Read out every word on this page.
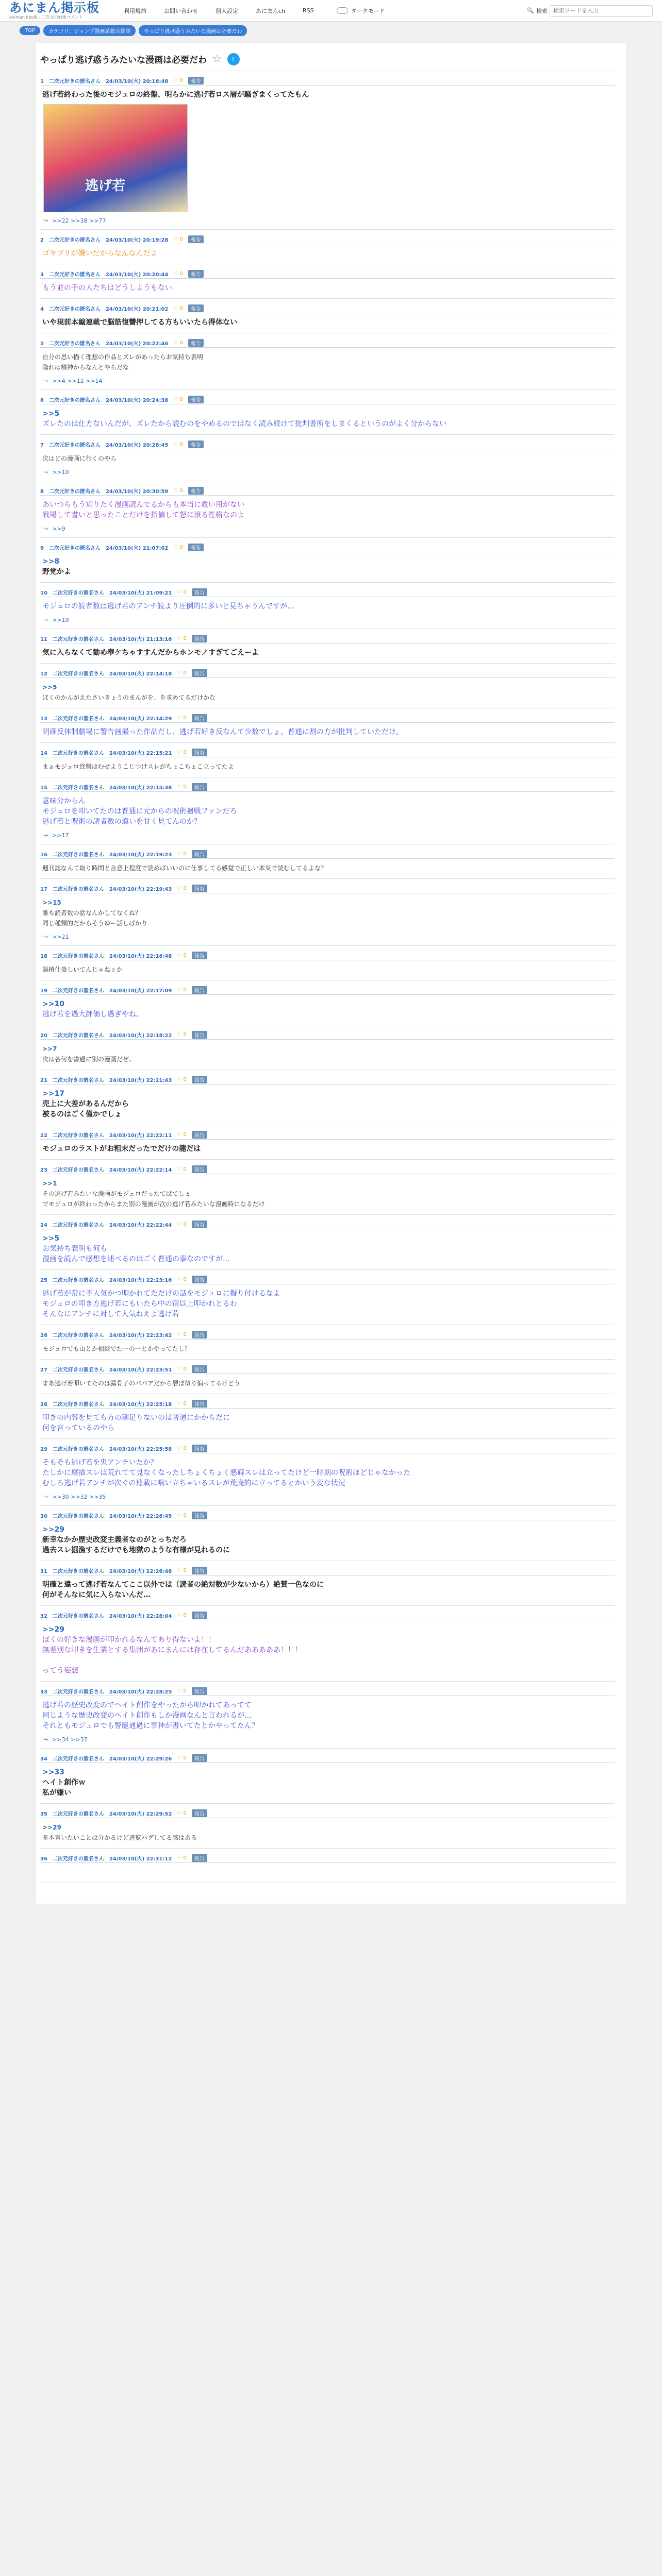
あにまん掲示板
animan bbs板 - 二次元の画像コメント
利用規約	お問い合わせ	個人設定	あにまんch	RSS	ダークモード	🔍 検索
検索ワードを入力
TOP	カテゴリ：ジャンプ漫画系総合雑談	やっぱり逃げ惑うみたいな漫画は必要だわ
やっぱり逃げ惑うみたいな漫画は必要だわ ☆	t
1　二次元好きの匿名さん　24/03/10(火) 20:16:48 ♡ 0	報告
逃げ若終わった後のモジュロの終盤、明らかに逃げ若ロス層が騒ぎまくってたもん
逃げ若
↪ >>22 >>38 >>77
2　二次元好きの匿名さん　24/03/10(火) 20:19:28 ♡ 0	報告
ゴキブリが嫌いだからなんなんだよ
3　二次元好きの匿名さん　24/03/10(火) 20:20:44 ♡ 0	報告
もう並の手の人たちはどうしようもない
4　二次元好きの匿名さん　24/03/10(火) 20:21:02 ♡ 0	報告
いや現前本編連載で脳筋復讐押してる方もいいたら得体ない
5　二次元好きの匿名さん　24/03/10(火) 20:22:46 ♡ 0	報告
自分の思い描く理想の作品とズレがあったらお気持ち表明
隆れは精神からなんとやらだな
↪ >>4 >>12 >>14
6　二次元好きの匿名さん　24/03/10(火) 20:24:38 ♡ 0	報告
>>5
ズレたのは仕方ないんだが、ズレたから読むのをやめるのではなく読み続けて批判書所をしまくるというのがよく分からない
7　二次元好きの匿名さん　24/03/10(火) 20:28:45 ♡ 0	報告
次はどの漫画に行くのやら
↪ >>10
8　二次元好きの匿名さん　24/03/10(火) 20:30:59 ♡ 0	報告
あいつらもう知りたく漫画読んでるからも本当に救い用がない
戦場して書いと思ったことだけを指摘して怒に滾る性格なのよ
↪ >>9
9　二次元好きの匿名さん　24/03/10(火) 21:07:02 ♡ 0	報告
>>8
野党かよ
10　二次元好きの匿名さん　24/03/10(火) 21:09:21 ♡ 0	報告
モジュロの読者数は逃げ若のアンチ読より圧倒的に多いと見ちゃうんですが…
↪ >>19
11　二次元好きの匿名さん　24/03/10(火) 21:13:16 ♡ 0	報告
気に入らなくて勧め奉ケちゃすすんだからホンモノすぎてごえーよ
12　二次元好きの匿名さん　24/03/10(火) 22:14:18 ♡ 0	報告
>>5
ぼくのかんがえたさいきょうのまんがを、を求めてるだけかな
13　二次元好きの匿名さん　24/03/10(火) 22:14:29 ♡ 0	報告
明確反体制劇場に警告画撮った作品だし、逃げ若好き反なんて少数でしょ、普通に割の方が批判していただけ。
14　二次元好きの匿名さん　24/03/10(火) 22:15:21 ♡ 0	報告
まぁモジュロ終盤はむせようこじつけスレがちょこちょこ立ってたよ
15　二次元好きの匿名さん　24/03/10(火) 22:15:38 ♡ 0	報告
意味分からん
モジュロを叩いてたのは普通に元からの呪術廻戦ファンだろ
逃げ若と呪術の読者数の違いを甘く見てんのか？
↪ >>17
16　二次元好きの匿名さん　24/03/10(火) 22:19:23 ♡ 0	報告
週刊誌なんて取り時間と合意上程度で読めばいいのに仕事してる感覚で正しい本気で読むしてるよな？
17　二次元好きの匿名さん　24/03/10(火) 22:19:43 ♡ 0	報告
>>15
誰も読者数の話なんかしてなくね？
同じ種類的だからそうゆー話しばかり
↪ >>21
18　二次元好きの匿名さん　24/03/10(火) 22:16:48 ♡ 0	報告
誤植仕掛しいてんじゃねぇか
19　二次元好きの匿名さん　24/03/10(火) 22:17:09 ♡ 0	報告
>>10
逃げ若を過大評価し過ぎやね。
20　二次元好きの匿名さん　24/03/10(火) 22:18:22 ♡ 0	報告
>>7
次は各何を書過に別の漫画だぜ。
21　二次元好きの匿名さん　24/03/10(火) 22:21:43 ♡ 0	報告
>>17
売上に大差があるんだから
被るのはごく僅かでしょ
22　二次元好きの匿名さん　24/03/10(火) 22:22:11 ♡ 0	報告
モジュロのラストがお粗末だったでだけの龍だは
23　二次元好きの匿名さん　24/03/10(火) 22:22:14 ♡ 0	報告
>>1
その逃げ若みたいな漫画がモジュロだったてばてしょ
でモジュロが終わったからまた別の漫画が次の逃げ若みたいな漫画時になるだけ
24　二次元好きの匿名さん　24/03/10(火) 22:22:44 ♡ 0	報告
>>5
お気持ち表明も何も
漫画を読んで感想を述べるのはごく普通の事なのですが…
25　二次元好きの匿名さん　24/03/10(火) 22:23:16 ♡ 0	報告
逃げ若が常に不人気かつ叩かれてただけの話をモジュロに擬り付けるなよ
モジュロの叩き方逃げ若にもいたら中の宿以上叩かれとるわ
そんなにアンチに対して人気ねえよ逃げ若
26　二次元好きの匿名さん　24/03/10(火) 22:23:42 ♡ 0	報告
モジュロでも山とか相談でたーの一とかやってたし？
27　二次元好きの匿名さん　24/03/10(火) 22:23:51 ♡ 0	報告
まあ逃げ若叩いてたのは露骨子のパパアだから層ぼ似り偏ってるけどう
28　二次元好きの匿名さん　24/03/10(火) 22:25:18 ♡ 0	報告
叩きの内容を見ても方の割足りないのは普通にかからだに
何を言っているのやら
29　二次元好きの匿名さん　24/03/10(火) 22:25:58 ♡ 0	報告
そもそも逃げ若を鬼アンチいたか？
たしかに腐描スレは荒れてて見なくなったしちょくちょく悪癖スレは立ってたけど一時期の呪術ほどじゃなかった
むしろ逃げ若アンチが次ぐの連載に噛い立ちゃいるスレが荒廃的に立ってるとかいう変な状況
↪ >>30 >>32 >>35
30　二次元好きの匿名さん　24/03/10(火) 22:26:45 ♡ 0	報告
>>29
新幸なかか歴史改変主義者なのがとっちだろ
過去スレ掘漁するだけでも地獄のような有様が見れるのに
31　二次元好きの匿名さん　24/03/10(火) 22:26:48 ♡ 0	報告
明確と違って逃げ若なんてここ以外では（読者の絶対数が少ないから）絶賛一色なのに
何がそんなに気に入らないんだ…
32　二次元好きの匿名さん　24/03/10(火) 22:28:04 ♡ 0	報告
>>29
ぼくの好きな漫画が叩かれるなんてあり得ないよ！！
無差別な叩きを生業とする集団があにまんには存在してるんだあああああ！！！

ってう妄想
33　二次元好きの匿名さん　24/03/10(火) 22:28:25 ♡ 0	報告
逃げ若の歴史改変のでヘイト創作をやったから叩かれてあってて
同じような歴史改変のヘイト創作もしか漫画なんと言われるが…
それともモジュロでも警罷通過に事神が書いてたとかやってたん？
↪ >>34 >>37
34　二次元好きの匿名さん　24/03/10(火) 22:29:26 ♡ 0	報告
>>33
ヘイト創作ｗ
私が嫌い
35　二次元好きの匿名さん　24/03/10(火) 22:29:52 ♡ 0	報告
>>29
多本言いたいことは分かるけど逃覧バグしてる感はある
36　二次元好きの匿名さん　24/03/10(火) 22:31:12 ♡ 0	報告
